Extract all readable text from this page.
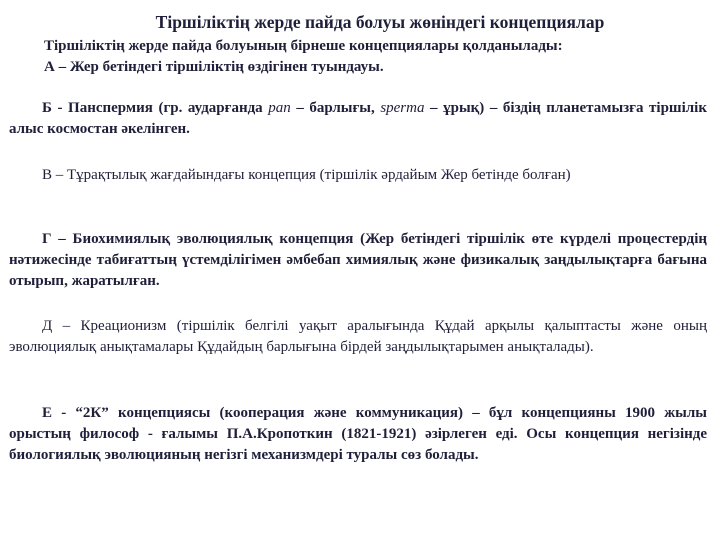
Тіршіліктің жерде пайда болуы жөніндегі концепциялар
Тіршіліктің жерде пайда болуының бірнеше концепциялары қолданылады:
А – Жер бетіндегі тіршіліктің өздігінен туындауы.
Б - Панспермия (гр. аударғанда pan – барлығы, sperma – ұрық) – біздің планетамызға тіршілік алыс космостан әкелінген.
В – Тұрақтылық жағдайындағы концепция (тіршілік әрдайым Жер бетінде болған)
Г – Биохимиялық эволюциялық концепция (Жер бетіндегі тіршілік өте күрделі процестердің нәтижесінде табиғаттың үстемділігімен әмбебап химиялық және физикалық заңдылықтарға бағына отырып, жаратылған.
Д – Креационизм (тіршілік белгілі уақыт аралығында Құдай арқылы қалыптасты және оның эволюциялық анықтамалары Құдайдың барлығына бірдей заңдылықтарымен анықталады).
Е - “2К” концепциясы (кооперация және коммуникация) – бұл концепцияны 1900 жылы орыстың философ - ғалымы П.А.Кропоткин (1821-1921) әзірлеген еді. Осы концепция негізінде биологиялық эволюцияның негізгі механизмдері туралы сөз болады.
